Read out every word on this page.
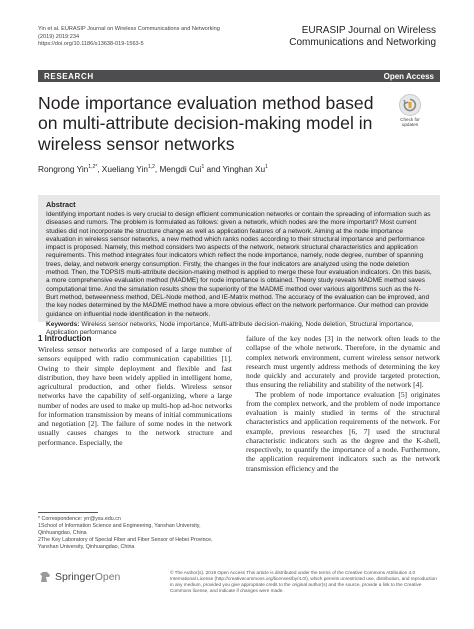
Yin et al. EURASIP Journal on Wireless Communications and Networking
(2019) 2019:234
https://doi.org/10.1186/s13638-019-1563-5
EURASIP Journal on Wireless
Communications and Networking
RESEARCH	Open Access
Node importance evaluation method based on multi-attribute decision-making model in wireless sensor networks
Check for
updates
Rongrong Yin$^{1,2*}$, Xueliang Yin$^{1,2}$, Mengdi Cui$^1$ and Yinghan Xu$^1$
Abstract

Identifying important nodes is very crucial to design efficient communication networks or contain the spreading of information such as diseases and rumors. The problem is formulated as follows: given a network, which nodes are the more important? Most current studies did not incorporate the structure change as well as application features of a network. Aiming at the node importance evaluation in wireless sensor networks, a new method which ranks nodes according to their structural importance and performance impact is proposed. Namely, this method considers two aspects of the network, network structural characteristics and application requirements. This method integrates four indicators which reflect the node importance, namely, node degree, number of spanning trees, delay, and network energy consumption. Firstly, the changes in the four indicators are analyzed using the node deletion method. Then, the TOPSIS multi-attribute decision-making method is applied to merge these four evaluation indicators. On this basis, a more comprehensive evaluation method (MADME) for node importance is obtained. Theory study reveals MADME method saves computational time. And the simulation results show the superiority of the MADME method over various algorithms such as the N-Burt method, betweenness method, DEL-Node method, and IE-Matrix method. The accuracy of the evaluation can be improved, and the key nodes determined by the MADME method have a more obvious effect on the network performance. Our method can provide guidance on influential node identification in the network.

Keywords: Wireless sensor networks, Node importance, Multi-attribute decision-making, Node deletion, Structural importance, Application performance

1 Introduction

Wireless sensor networks are composed of a large number of sensors equipped with radio communication capabilities [1]. Owing to their simple deployment and flexible and fast distribution, they have been widely applied in intelligent home, agricultural production, and other fields. Wireless sensor networks have the capability of self-organizing, where a large number of nodes are used to make up multi-hop ad-hoc networks for information transmission by means of initial communications and negotiation [2]. The failure of some nodes in the network usually causes changes to the network structure and performance. Especially, the

failure of the key nodes [3] in the network often leads to the collapse of the whole network. Therefore, in the dynamic and complex network environment, current wireless sensor network research must urgently address methods of determining the key node quickly and accurately and provide targeted protection, thus ensuring the reliability and stability of the network [4].

The problem of node importance evaluation [5] originates from the complex network, and the problem of node importance evaluation is mainly studied in terms of the structural characteristics and application requirements of the network. For example, previous researches [6, 7] used the structural characteristic indicators such as the degree and the K-shell, respectively, to quantify the importance of a node. Furthermore, the application requirement indicators such as the network transmission efficiency and the

* Correspondence: yrr@ysu.edu.cn
1School of Information Science and Engineering, Yanshan University,
Qinhuangdao, China
2The Key Laboratory of Special Fiber and Fiber Sensor of Hebei Province,
Yanshan University, Qinhuangdao, China
SpringerOpen	© The Author(s). 2019 Open Access This article is distributed under the terms of the Creative Commons Attribution 4.0 International License (http://creativecommons.org/licenses/by/4.0/), which permits unrestricted use, distribution, and reproduction in any medium, provided you give appropriate credit to the original author(s) and the source, provide a link to the Creative Commons license, and indicate if changes were made.
